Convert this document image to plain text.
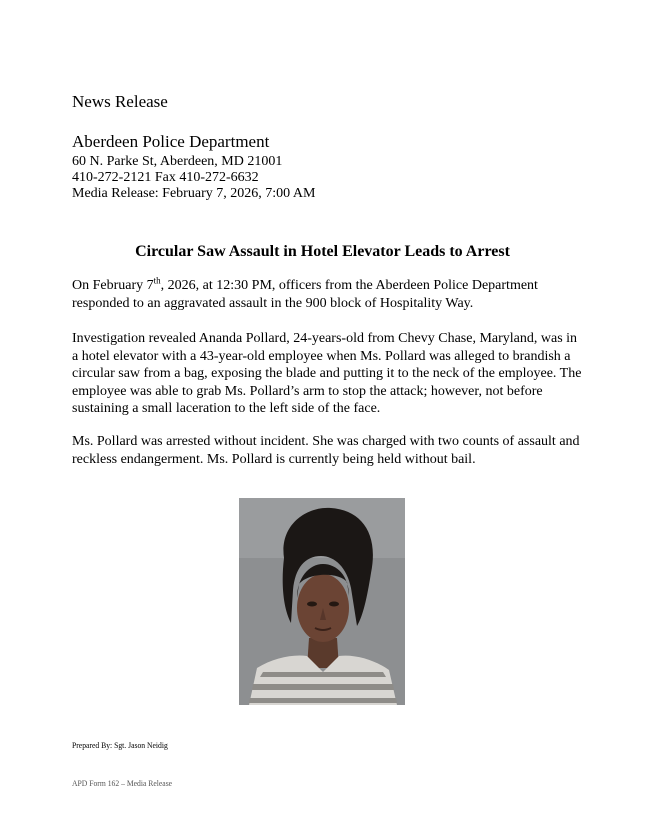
News Release
Aberdeen Police Department
60 N. Parke St, Aberdeen, MD 21001
410-272-2121 Fax 410-272-6632
Media Release: February 7, 2026, 7:00 AM
Circular Saw Assault in Hotel Elevator Leads to Arrest

On February 7th, 2026, at 12:30 PM, officers from the Aberdeen Police Department responded to an aggravated assault in the 900 block of Hospitality Way.

Investigation revealed Ananda Pollard, 24-years-old from Chevy Chase, Maryland, was in a hotel elevator with a 43-year-old employee when Ms. Pollard was alleged to brandish a circular saw from a bag, exposing the blade and putting it to the neck of the employee. The employee was able to grab Ms. Pollard’s arm to stop the attack; however, not before sustaining a small laceration to the left side of the face.

Ms. Pollard was arrested without incident. She was charged with two counts of assault and reckless endangerment. Ms. Pollard is currently being held without bail.

Prepared By: Sgt. Jason Neidig
APD Form 162 – Media Release
